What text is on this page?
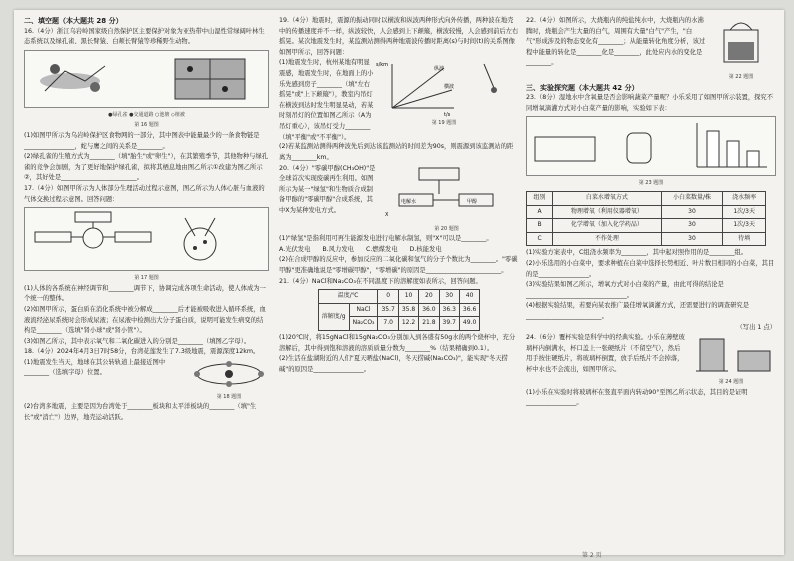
二、填空题（本大题共 28 分）

16.（4分）浙江乌岩岭国家级自然保护区主要保护对象为亚热带中山湿性常绿阔叶林生态系统以及绿孔雀、黑长臂猿、白颊长臂猿等珍稀野生动物。

●绿孔雀 ●交通道路 ○池塘 ◇植被
第 16 题图

(1)如图甲所示为乌岩岭保护区食物网的一部分，其中图表中能量最少的一条食物链是________________，蛇与鹰之间的关系是________。

(2)绿孔雀的生殖方式为________（填"胎生"或"卵生"），在其繁殖季节，其他物种与绿孔雀的竞争会加剧，为了更好地保护绿孔雀，拟将其栖息地由图乙所示①改建为图乙所示②，其好处是________________________。

17.（4分）如图甲所示为人体部分生理活动过程示意图，图乙所示为人体心脏与血液的气体交换过程示意图。回答问题：

第 17 题图

(1)人体的各系统在神经调节和________调节下，协调完成各项生命活动，使人体成为一个统一的整体。

(2)如图甲所示，蛋白质在消化系统中被分解成________后才能被吸收进入循环系统，血液流经泌尿系统时会形成尿液；在尿液中检测出大分子蛋白质，说明可能发生病变的结构是________（选填"肾小球"或"肾小管"）。

(3)如图乙所示，其中表示氧气和二氧化碳进入的分别是________（填图乙字母）。

18.（4分）2024年4月3日7时58分，台湾花莲发生了7.3级地震，震源深度12km。

(1)地震发生当天，地球在其公转轨道上最接近图中________（选填字母）位置。

第 18 题图

(2)台湾多地震，主要是因为台湾处于________板块和太平洋板块的________（填"生长"或"消亡"）边界，地壳运动活跃。

19.（4分）地震时，震源的振动同时以横波和纵波两种形式向外传播，两种波在地壳中的传播速度并不一样，纵波较快，人会感到上下颠簸，横波较慢，人会感到前后左右摇晃。某次地震发生时，某监测站测得两种地震波传播时距离(s)与时间(t)的关系图像如图甲所示，回答问题：

(1)地震发生时，杭州某地有明显震感，地震发生时，在地面上的小乐先感到房子________（填"左右摇晃"或"上下颠簸"），教室内吊灯在横波到达时发生明显晃动，若某时刻吊灯的位置如图乙所示（A为吊灯重心），该吊灯受力________（填"平衡"或"不平衡"）。

s/km
t/s
纵波
横波
第 19 题图

(2)若某监测站测得两种波先后到达该监测站的时间差为90s，则震源到该监测站的距离为________km。

20.（4分）"零碳甲醇(CH₃OH)"是全球首次实现废碳再生利用。如图所示为某一"绿氢"和生物质合成制备甲醇的"零碳甲醇"合成系统，其中X为某种发电方式。

电解水	甲醇
X
第 20 题图

(1)"绿氢"是指利用可再生能源发电进行电解水制氢，则"X"可以是________。

A.光伏发电 B.风力发电 C.燃煤发电 D.核能发电

(2)在合成甲醇的反应中，参加反应的二氧化碳和氢气的分子个数比为________。"零碳甲醇"更准确地说是"零增碳甲醇"，"零增碳"的原因是________________________。

21.（4分）NaCl和Na₂CO₃在不同温度下的溶解度如表所示，回答问题。

温度/℃		0	10	20	30	40
溶解度/g	NaCl	35.7	35.8	36.0	36.3	36.6
	Na₂CO₃	7.0	12.2	21.8	39.7	49.0

(1)20℃时，将15gNaCl和15gNa₂CO₃分别加入到各盛有50g水的两个烧杯中，充分溶解后，其中得到饱和溶液的溶质质量分数为________%（结果精确到0.1）。

(2)生活在盐湖附近的人们"夏天晒盐(NaCl)，冬天捞碱(Na₂CO₃)"，能实现"冬天捞碱"的原因是________________。

22.（4分）如图所示，大烧瓶内的纯盐纯水中，大烧瓶内的水沸腾时，烧瓶会产生大量的白气，周围有大量"白气"产生，"白气"形成涉及的物态变化有________；从能量转化角度分析，该过程中能量的转化是________化是________，此处应内水的变化是________。

第 22 题图
三、实验探究题（本大题共 42 分）

23.（8分）湿地水中含氧量是否会影响蔬菜产量呢？小乐采用了如图甲所示装置，探究不同增氧滴灌方式对小白菜产量的影响，实验如下表：

第 23 题图
组别	白菜水增氧方式	小白菜数量/株	浇水频率
A	物理增氧（利用仪器增氧）	30	1次/3天
B	化学增氧（加入化学药品）	30	1次/3天
C	不作处理	30	待填

(1)实验方案表中，C组浇水频率为________，其中起对照作用的是________组。

(2)小乐选用的小白菜中，要求种植在白菜中选择长势相近、叶片数目相同的小白菜，其目的是________________。

(3)实验结果如图乙所示，增氧方式对小白菜的产量，由此可得的结论是________________________________。

(4)根据实验结果，若要向某农推广最佳增氧滴灌方式，还需要进行的调查研究是________________________。

（写出 1 点）

24.（6分）覆杯实验是科学中的经典实验。小乐在薄壁玻璃杯内倒满水，杯口盖上一张硬纸片（不留空气），然后用手按住硬纸片，将玻璃杯倒置，放手后纸片不会掉落，杯中水也不会流出，如图甲所示。

第 24 题图

(1)小乐在实验时将玻璃杯在竖直平面内转动90°至图乙所示状态，其目的是证明________________。

第 2 页
